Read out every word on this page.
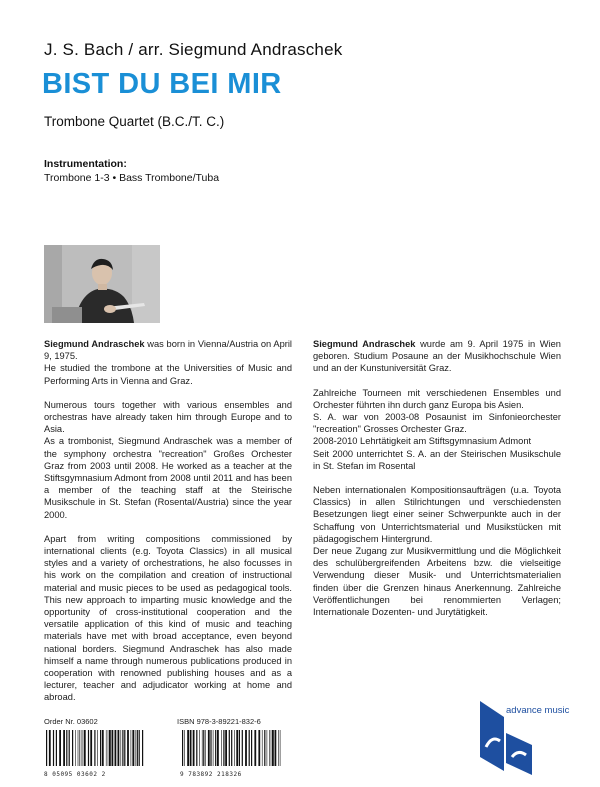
J. S. Bach / arr. Siegmund Andraschek
BIST DU BEI MIR
Trombone Quartet (B.C./T. C.)
Instrumentation:
Trombone 1-3 • Bass Trombone/Tuba

Siegmund Andraschek was born in Vienna/Austria on April 9, 1975.
He studied the trombone at the Universities of Music and Performing Arts in Vienna and Graz.

Numerous tours together with various ensembles and orchestras have already taken him through Europe and to Asia.
As a trombonist, Siegmund Andraschek was a member of the symphony orchestra "recreation" Großes Orchester Graz from 2003 until 2008. He worked as a teacher at the Stiftsgymnasium Admont from 2008 until 2011 and has been a member of the teaching staff at the Steirische Musikschule in St. Stefan (Rosental/Austria) since the year 2000.

Apart from writing compositions commissioned by international clients (e.g. Toyota Classics) in all musical styles and a variety of orchestrations, he also focusses in his work on the compilation and creation of instructional material and music pieces to be used as pedagogical tools. This new approach to imparting music knowledge and the opportunity of cross-institutional cooperation and the versatile application of this kind of music and teaching materials have met with broad acceptance, even beyond national borders. Siegmund Andraschek has also made himself a name through numerous publications produced in cooperation with renowned publishing houses and as a lecturer, teacher and adjudicator working at home and abroad.

Siegmund Andraschek wurde am 9. April 1975 in Wien geboren. Studium Posaune an der Musikhochschule Wien und an der Kunstuniversität Graz.

Zahlreiche Tourneen mit verschiedenen Ensembles und Orchester führten ihn durch ganz Europa bis Asien.
S. A. war von 2003-08 Posaunist im Sinfonieorchester "recreation" Grosses Orchester Graz.
2008-2010 Lehrtätigkeit am Stiftsgymnasium Admont
Seit 2000 unterrichtet S. A. an der Steirischen Musikschule in St. Stefan im Rosental

Neben internationalen Kompositionsaufträgen (u.a. Toyota Classics) in allen Stilrichtungen und verschiedensten Besetzungen liegt einer seiner Schwerpunkte auch in der Schaffung von Unterrichtsmaterial und Musikstücken mit pädagogischem Hintergrund.
Der neue Zugang zur Musikvermittlung und die Möglichkeit des schulübergreifenden Arbeitens bzw. die vielseitige Verwendung dieser Musik- und Unterrichtsmaterialien finden über die Grenzen hinaus Anerkennung. Zahlreiche Veröffentlichungen bei renommierten Verlagen; Internationale Dozenten- und Jurytätigkeit.

Order Nr. 03602	ISBN 978-3-89221-832-6
8 05095 03602 2	9 783892 218326
advance music
